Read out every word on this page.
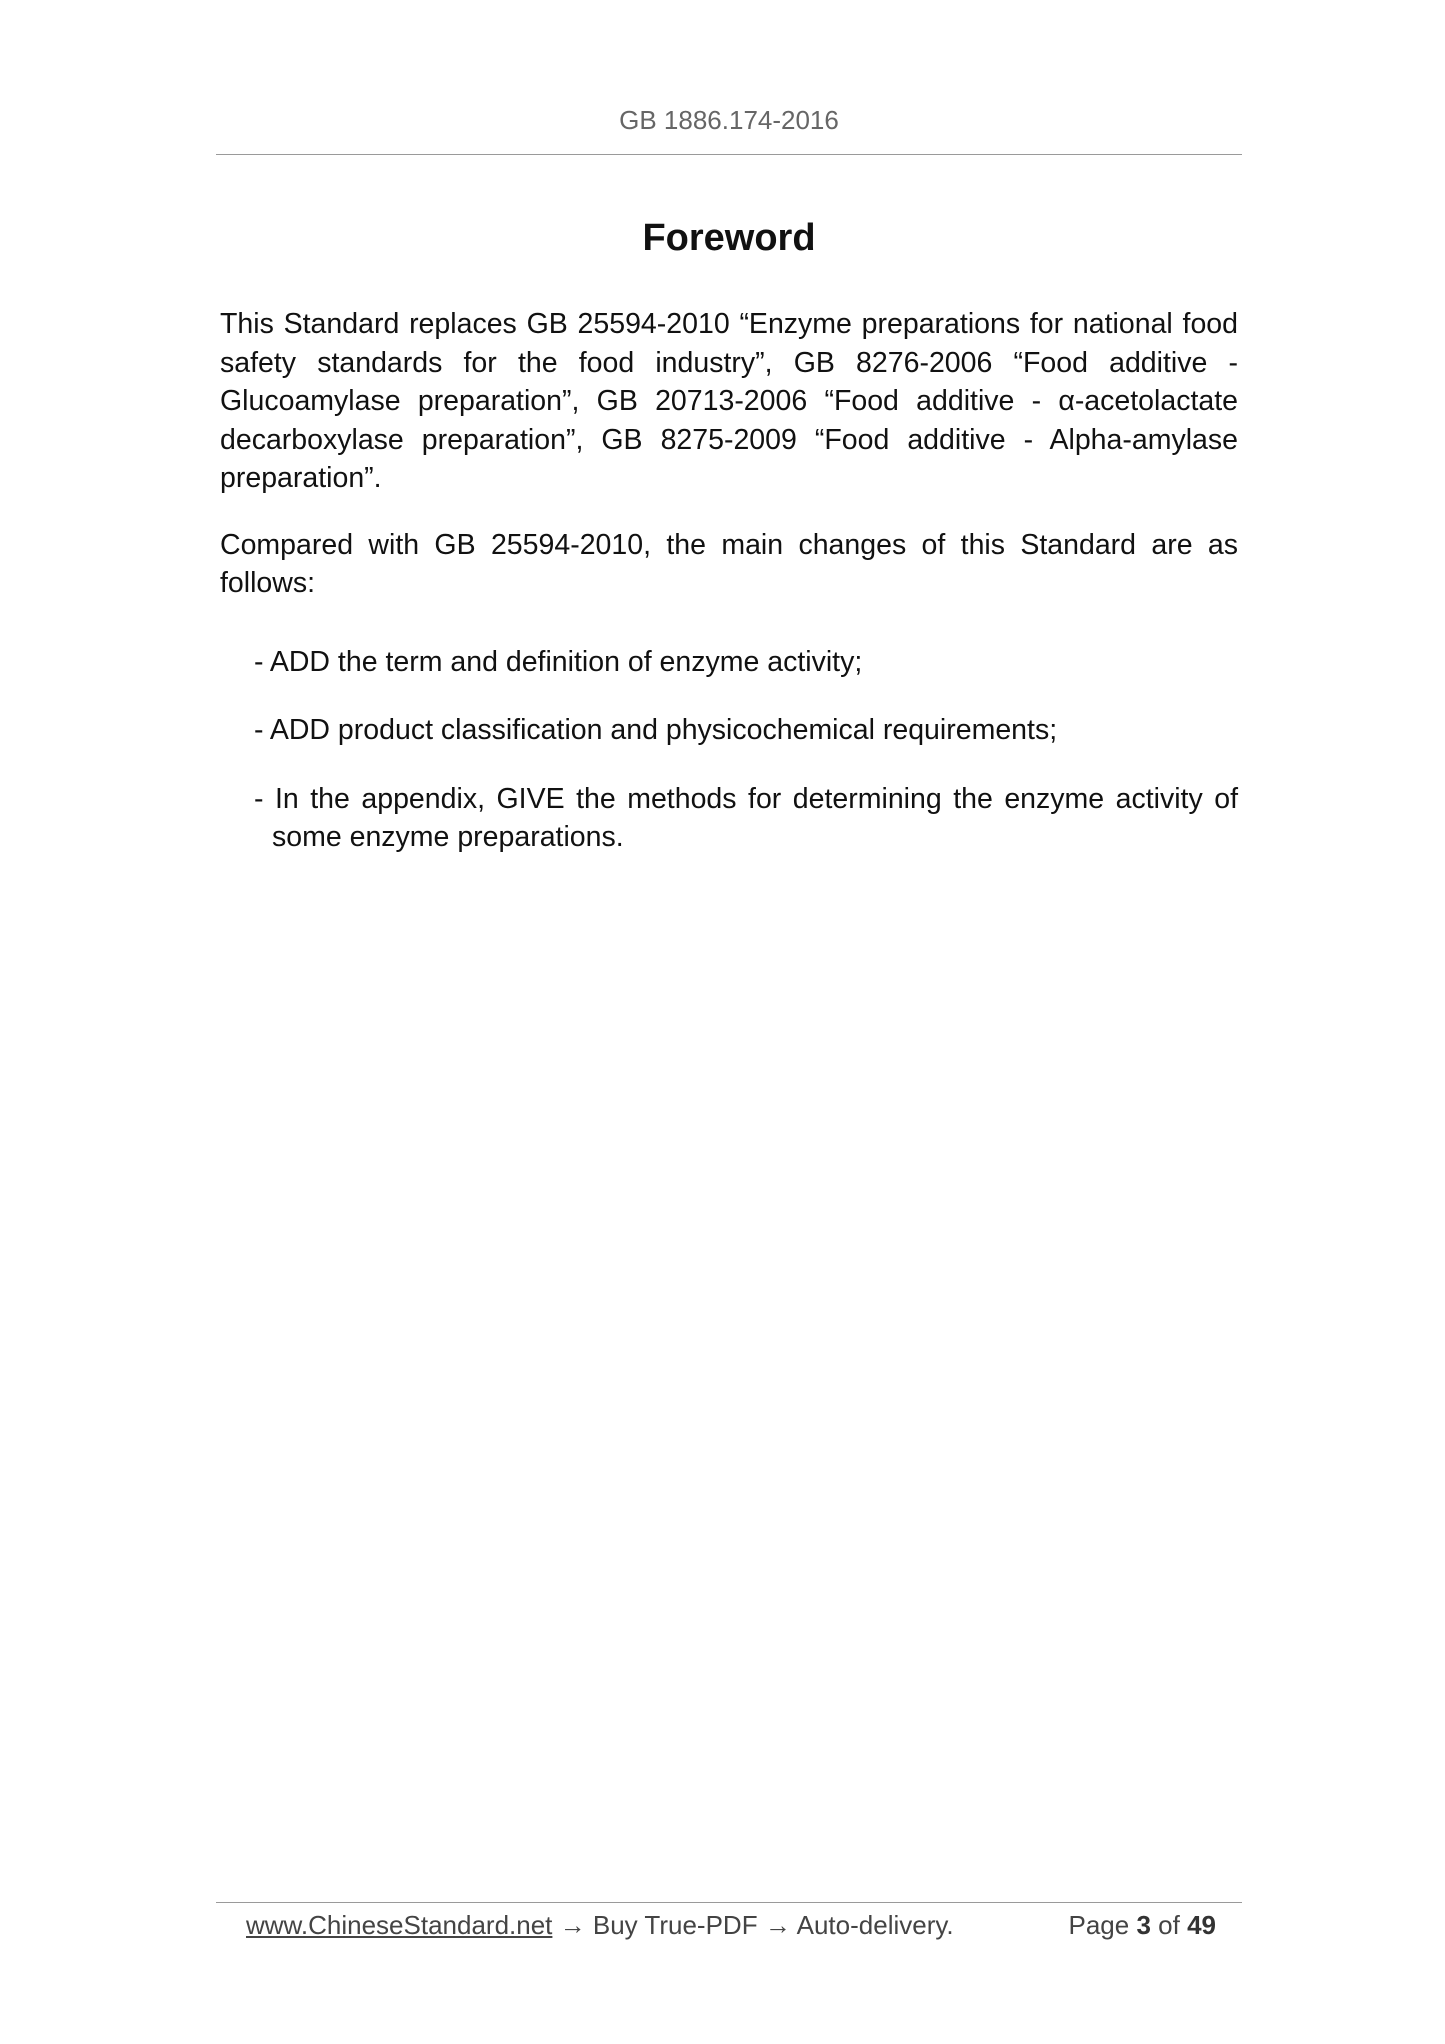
GB 1886.174-2016
Foreword

This Standard replaces GB 25594-2010 “Enzyme preparations for national food safety standards for the food industry”, GB 8276-2006 “Food additive - Glucoamylase preparation”, GB 20713-2006 “Food additive - α-acetolactate decarboxylase preparation”, GB 8275-2009 “Food additive - Alpha-amylase preparation”.

Compared with GB 25594-2010, the main changes of this Standard are as follows:

- ADD the term and definition of enzyme activity;
- ADD product classification and physicochemical requirements;
- In the appendix, GIVE the methods for determining the enzyme activity of some enzyme preparations.
www.ChineseStandard.net → Buy True-PDF → Auto-delivery.	Page 3 of 49
